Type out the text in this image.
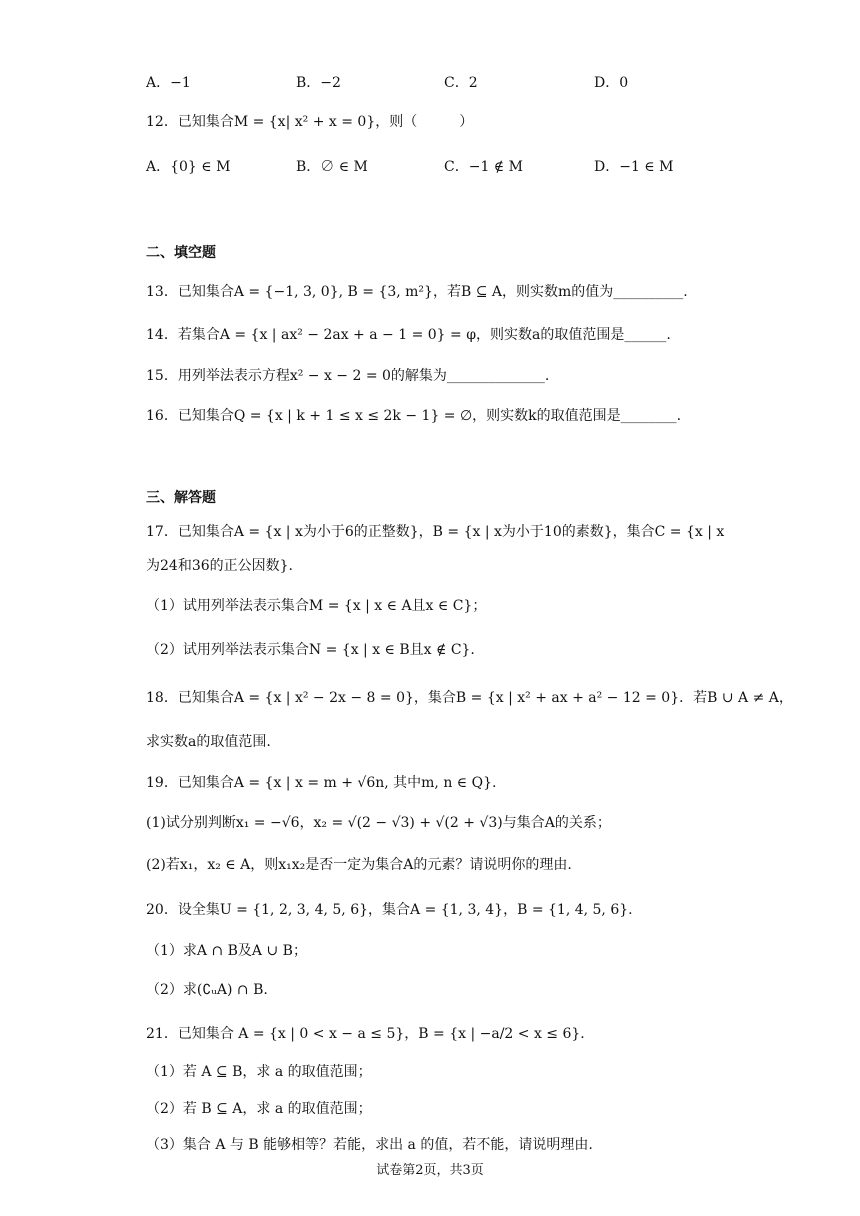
A．−1	B．−2	C．2	D．0
12．已知集合M = {x| x² + x = 0}，则（　　　）
A．{0} ∈ M	B．∅ ∈ M	C．−1 ∉ M	D．−1 ∈ M
二、填空题
13．已知集合A = {−1, 3, 0}, B = {3, m²}，若B ⊆ A，则实数m的值为__________.
14．若集合A = {x | ax² − 2ax + a − 1 = 0} = φ，则实数a的取值范围是______.
15．用列举法表示方程x² − x − 2 = 0的解集为______________.
16．已知集合Q = {x | k + 1 ≤ x ≤ 2k − 1} = ∅，则实数k的取值范围是________.
三、解答题
17．已知集合A = {x | x为小于6的正整数}，B = {x | x为小于10的素数}，集合C = {x | x
为24和36的正公因数}.
（1）试用列举法表示集合M = {x | x ∈ A且x ∈ C}；
（2）试用列举法表示集合N = {x | x ∈ B且x ∉ C}.
18．已知集合A = {x | x² − 2x − 8 = 0}，集合B = {x | x² + ax + a² − 12 = 0}．若B ∪ A ≠ A，
求实数a的取值范围.
19．已知集合A = {x | x = m + √6n, 其中m, n ∈ Q}.
(1)试分别判断x₁ = −√6，x₂ = √(2 − √3) + √(2 + √3)与集合A的关系；
(2)若x₁，x₂ ∈ A，则x₁x₂是否一定为集合A的元素？请说明你的理由.
20．设全集U = {1, 2, 3, 4, 5, 6}，集合A = {1, 3, 4}，B = {1, 4, 5, 6}.
（1）求A ∩ B及A ∪ B；
（2）求(∁ᵤA) ∩ B.
21．已知集合 A = {x | 0 < x − a ≤ 5}，B = {x | −a/2 < x ≤ 6}.
（1）若 A ⊆ B，求 a 的取值范围；
（2）若 B ⊆ A，求 a 的取值范围；
（3）集合 A 与 B 能够相等？若能，求出 a 的值，若不能，请说明理由.
试卷第2页，共3页
